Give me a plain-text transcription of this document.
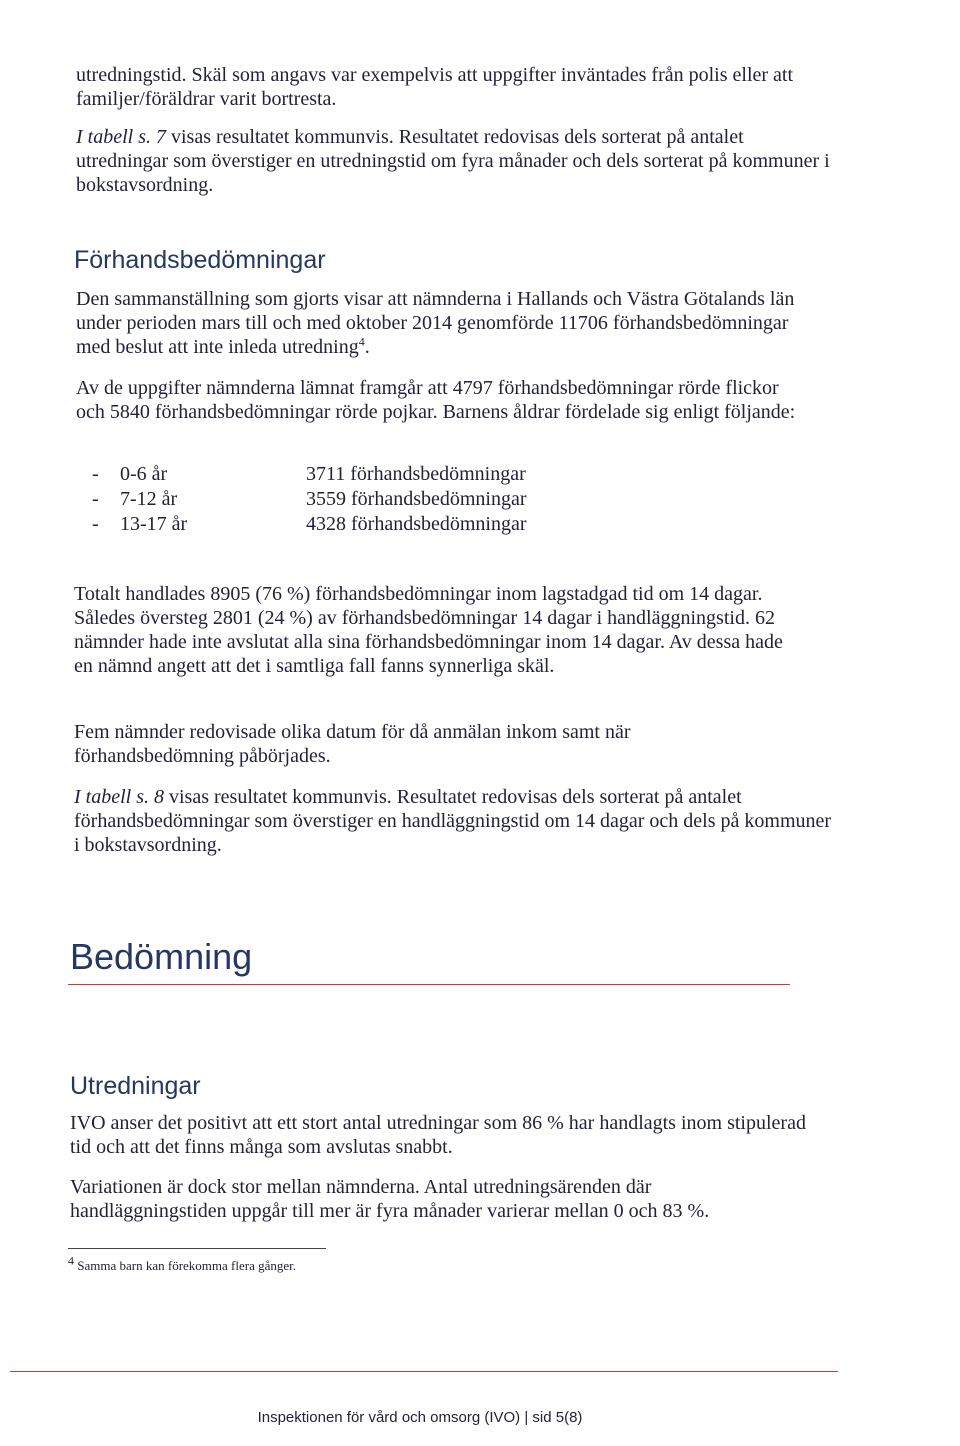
utredningstid. Skäl som angavs var exempelvis att uppgifter inväntades från polis eller att familjer/föräldrar varit bortresta.

I tabell s. 7 visas resultatet kommunvis. Resultatet redovisas dels sorterat på antalet utredningar som överstiger en utredningstid om fyra månader och dels sorterat på kommuner i bokstavsordning.

Förhandsbedömningar

Den sammanställning som gjorts visar att nämnderna i Hallands och Västra Götalands län under perioden mars till och med oktober 2014 genomförde 11706 förhandsbedömningar med beslut att inte inleda utredning$^4$.

Av de uppgifter nämnderna lämnat framgår att 4797 förhandsbedömningar rörde flickor och 5840 förhandsbedömningar rörde pojkar. Barnens åldrar fördelade sig enligt följande:

- 0-6 år	3711 förhandsbedömningar
- 7-12 år	3559 förhandsbedömningar
- 13-17 år	4328 förhandsbedömningar

Totalt handlades 8905 (76 %) förhandsbedömningar inom lagstadgad tid om 14 dagar. Således översteg 2801 (24 %) av förhandsbedömningar 14 dagar i handläggningstid. 62 nämnder hade inte avslutat alla sina förhandsbedömningar inom 14 dagar. Av dessa hade en nämnd angett att det i samtliga fall fanns synnerliga skäl.

Fem nämnder redovisade olika datum för då anmälan inkom samt när förhandsbedömning påbörjades.

I tabell s. 8 visas resultatet kommunvis. Resultatet redovisas dels sorterat på antalet förhandsbedömningar som överstiger en handläggningstid om 14 dagar och dels på kommuner i bokstavsordning.

Bedömning
Utredningar

IVO anser det positivt att ett stort antal utredningar som 86 % har handlagts inom stipulerad tid och att det finns många som avslutas snabbt.

Variationen är dock stor mellan nämnderna. Antal utredningsärenden där handläggningstiden uppgår till mer är fyra månader varierar mellan 0 och 83 %.

$^4$ Samma barn kan förekomma flera gånger.

Inspektionen för vård och omsorg (IVO) | sid 5(8)
